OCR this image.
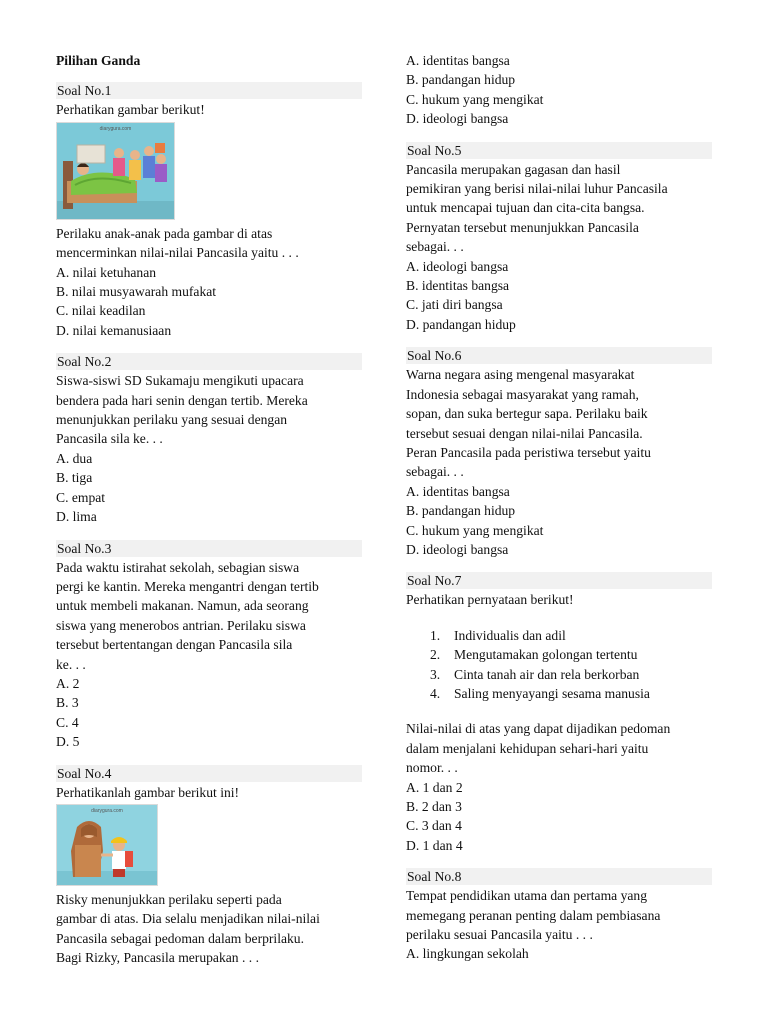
Pilihan Ganda
Soal No.1
Perhatikan gambar berikut!
diarygura.com
Perilaku anak-anak pada gambar di atas
mencerminkan nilai-nilai Pancasila yaitu . . .
A. nilai ketuhanan
B. nilai musyawarah mufakat
C. nilai keadilan
D. nilai kemanusiaan
Soal No.2
Siswa-siswi SD Sukamaju mengikuti upacara
bendera pada hari senin dengan tertib. Mereka
menunjukkan perilaku yang sesuai dengan
Pancasila sila ke. . .
A. dua
B. tiga
C. empat
D. lima
Soal No.3
Pada waktu istirahat sekolah, sebagian siswa
pergi ke kantin. Mereka mengantri dengan tertib
untuk membeli makanan. Namun, ada seorang
siswa yang menerobos antrian. Perilaku siswa
tersebut bertentangan dengan Pancasila sila
ke. . .
A. 2
B. 3
C. 4
D. 5
Soal No.4
Perhatikanlah gambar berikut ini!
diarygura.com
Risky menunjukkan perilaku seperti pada
gambar di atas. Dia selalu menjadikan nilai-nilai
Pancasila sebagai pedoman dalam berprilaku.
Bagi Rizky, Pancasila merupakan . . .
A. identitas bangsa
B. pandangan hidup
C. hukum yang mengikat
D. ideologi bangsa
Soal No.5
Pancasila merupakan gagasan dan hasil
pemikiran yang berisi nilai-nilai luhur Pancasila
untuk mencapai tujuan dan cita-cita bangsa.
Pernyatan tersebut menunjukkan Pancasila
sebagai. . .
A. ideologi bangsa
B. identitas bangsa
C. jati diri bangsa
D. pandangan hidup
Soal No.6
Warna negara asing mengenal masyarakat
Indonesia sebagai masyarakat yang ramah,
sopan, dan suka bertegur sapa. Perilaku baik
tersebut sesuai dengan nilai-nilai Pancasila.
Peran Pancasila pada peristiwa tersebut yaitu
sebagai. . .
A. identitas bangsa
B. pandangan hidup
C. hukum yang mengikat
D. ideologi bangsa
Soal No.7
Perhatikan pernyataan berikut!
1. Individualis dan adil
2. Mengutamakan golongan tertentu
3. Cinta tanah air dan rela berkorban
4. Saling menyayangi sesama manusia
Nilai-nilai di atas yang dapat dijadikan pedoman
dalam menjalani kehidupan sehari-hari yaitu
nomor. . .
A. 1 dan 2
B. 2 dan 3
C. 3 dan 4
D. 1 dan 4
Soal No.8
Tempat pendidikan utama dan pertama yang
memegang peranan penting dalam pembiasana
perilaku sesuai Pancasila yaitu . . .
A. lingkungan sekolah
